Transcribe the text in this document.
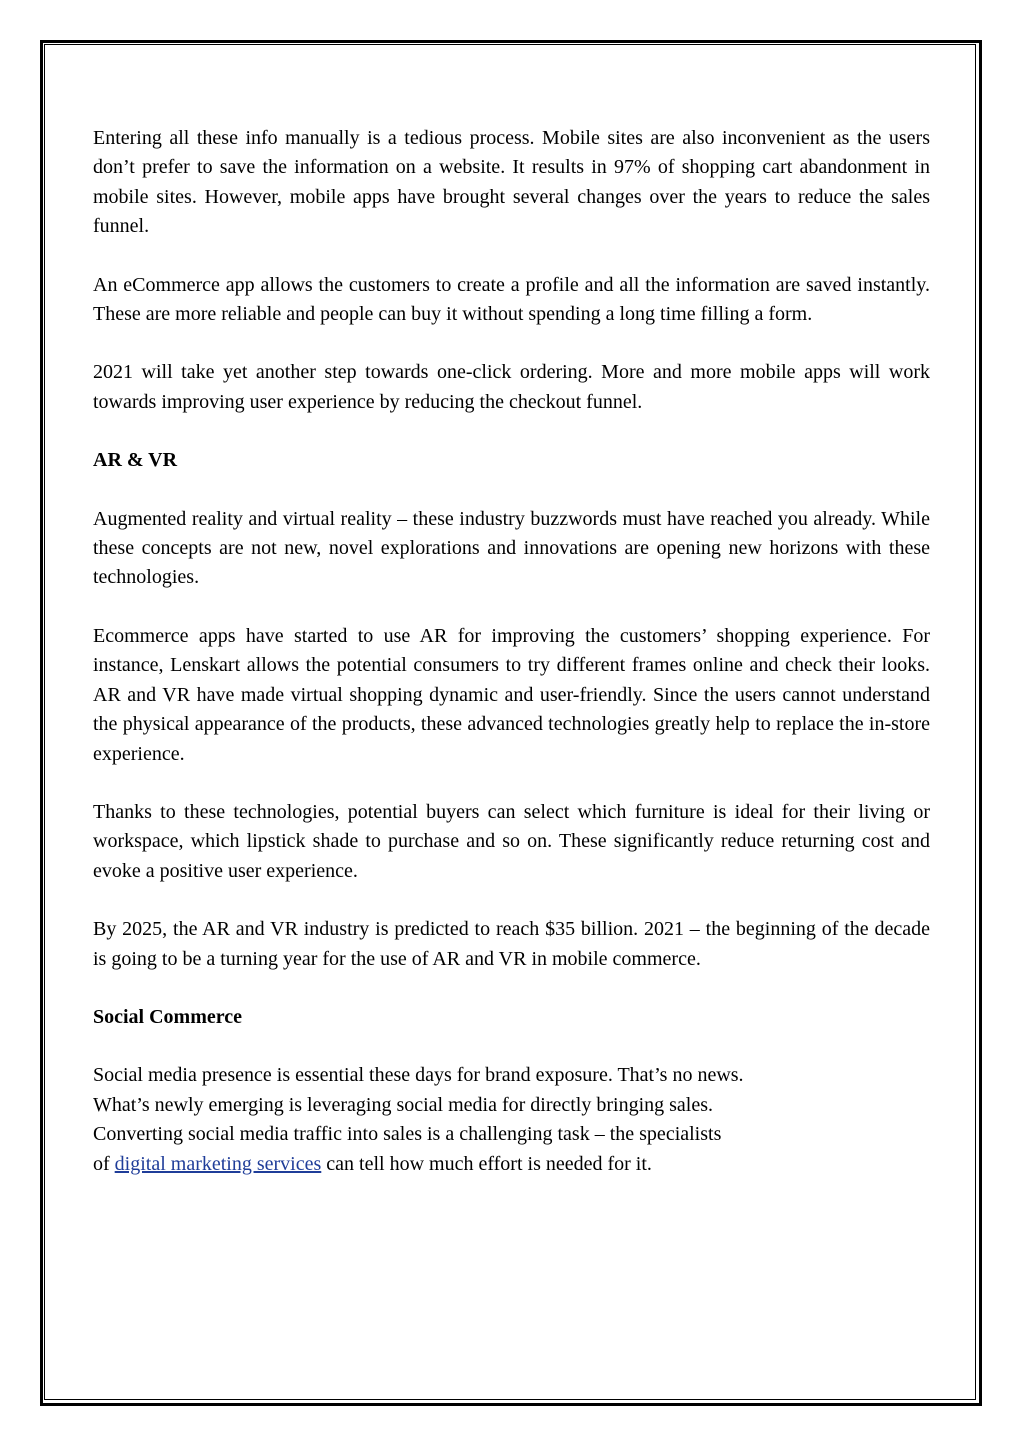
Entering all these info manually is a tedious process. Mobile sites are also inconvenient as the users don’t prefer to save the information on a website. It results in 97% of shopping cart abandonment in mobile sites. However, mobile apps have brought several changes over the years to reduce the sales funnel.

An eCommerce app allows the customers to create a profile and all the information are saved instantly. These are more reliable and people can buy it without spending a long time filling a form.

2021 will take yet another step towards one-click ordering. More and more mobile apps will work towards improving user experience by reducing the checkout funnel.

AR & VR

Augmented reality and virtual reality – these industry buzzwords must have reached you already. While these concepts are not new, novel explorations and innovations are opening new horizons with these technologies.

Ecommerce apps have started to use AR for improving the customers’ shopping experience. For instance, Lenskart allows the potential consumers to try different frames online and check their looks. AR and VR have made virtual shopping dynamic and user-friendly. Since the users cannot understand the physical appearance of the products, these advanced technologies greatly help to replace the in-store experience.

Thanks to these technologies, potential buyers can select which furniture is ideal for their living or workspace, which lipstick shade to purchase and so on. These significantly reduce returning cost and evoke a positive user experience.

By 2025, the AR and VR industry is predicted to reach $35 billion. 2021 – the beginning of the decade is going to be a turning year for the use of AR and VR in mobile commerce.

Social Commerce

Social media presence is essential these days for brand exposure. That’s no news.
What’s newly emerging is leveraging social media for directly bringing sales.
Converting social media traffic into sales is a challenging task – the specialists
of digital marketing services can tell how much effort is needed for it.
